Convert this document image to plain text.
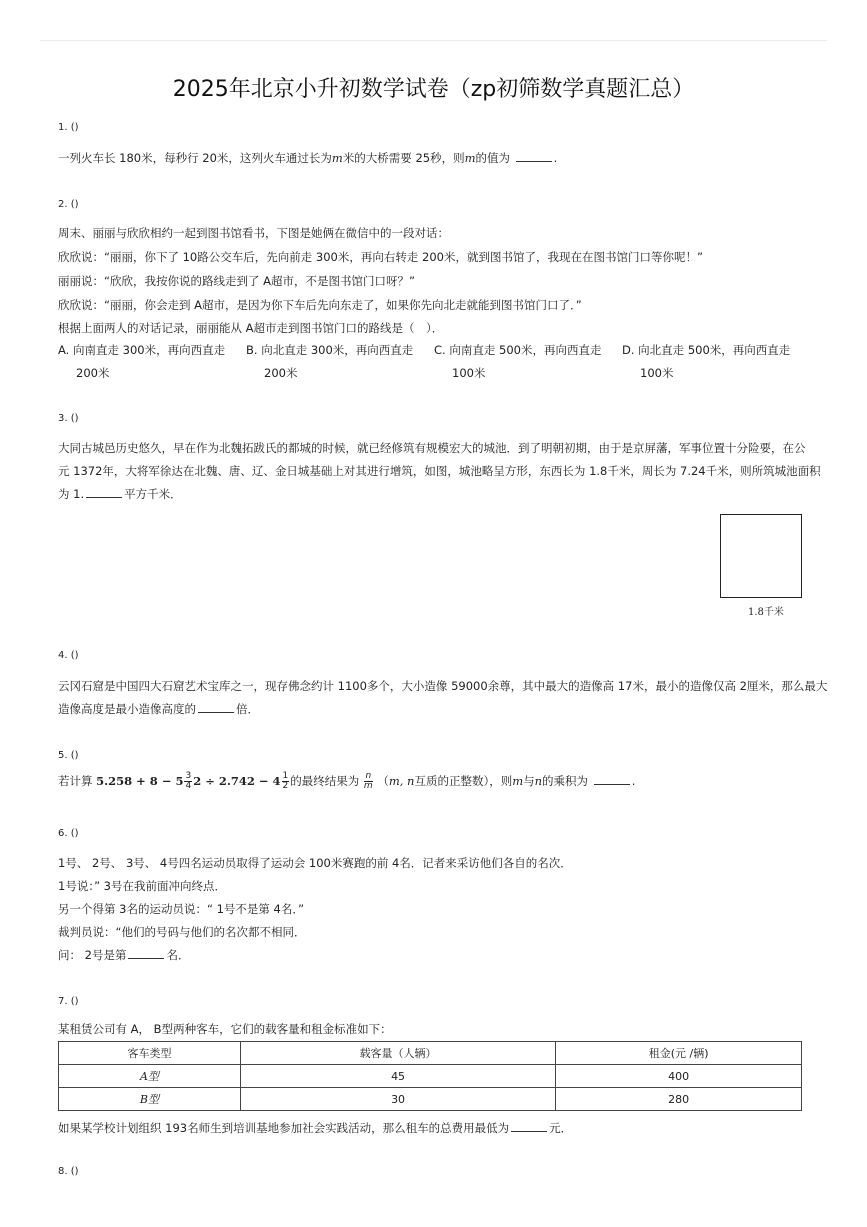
2025年北京小升初数学试卷（zp初筛数学真题汇总）
1. ()
一列火车长 180米，每秒行 20米，这列火车通过长为m米的大桥需要 25秒，则m的值为	.
2. ()
周末、丽丽与欣欣相约一起到图书馆看书，下图是她俩在微信中的一段对话：
欣欣说：“丽丽，你下了 10路公交车后，先向前走 300米，再向右转走 200米，就到图书馆了，我现在在图书馆门口等你呢！”
丽丽说：“欣欣，我按你说的路线走到了 A超市，不是图书馆门口呀？”
欣欣说：“丽丽，你会走到 A超市，是因为你下车后先向东走了，如果你先向北走就能到图书馆门口了．”
根据上面两人的对话记录，丽丽能从 A超市走到图书馆门口的路线是（　）．
A. 向南直走 300米，再向西直走
200米
B. 向北直走 300米，再向西直走
200米
C. 向南直走 500米，再向西直走
100米
D. 向北直走 500米，再向西直走
100米
3. ()
大同古城邑历史悠久，早在作为北魏拓跋氏的都城的时候，就已经修筑有规模宏大的城池．到了明朝初期，由于是京屏藩，军事位置十分险要，在公
元 1372年，大将军徐达在北魏、唐、辽、金日城基础上对其进行增筑，如图，城池略呈方形，东西长为 1.8千米，周长为 7.24千米，则所筑城池面积
为 1.	平方千米．
1.8千米
4. ()
云冈石窟是中国四大石窟艺术宝库之一，现存佛念约计 1100多个，大小造像 59000余尊，其中最大的造像高 17米，最小的造像仅高 2厘米，那么最大
造像高度是最小造像高度的	倍．
5. ()
若计算 $5.258 + 8 - 5 \frac{3}{4} 2 \div 2.742 - 4 \frac{1}{2}$ 的最终结果为 $\frac{n}{m} (m$, n互质的正整数），则m与n的乘积为	.
6. ()
1号、 2号、 3号、 4号四名运动员取得了运动会 100米赛跑的前 4名．记者来采访他们各自的名次．
1号说：” 3号在我前面冲向终点．
另一个得第 3名的运动员说：“ 1号不是第 4名．”
裁判员说：“他们的号码与他们的名次都不相同．
问： 2号是第	名．
7. ()
某租赁公司有 A， B型两种客车，它们的载客量和租金标准如下：
客车类型	载客量（人辆）	租金(元 /辆)
A型	45	400
B型	30	280
如果某学校计划组织 193名师生到培训基地参加社会实践活动，那么租车的总费用最低为	元．
8. ()
